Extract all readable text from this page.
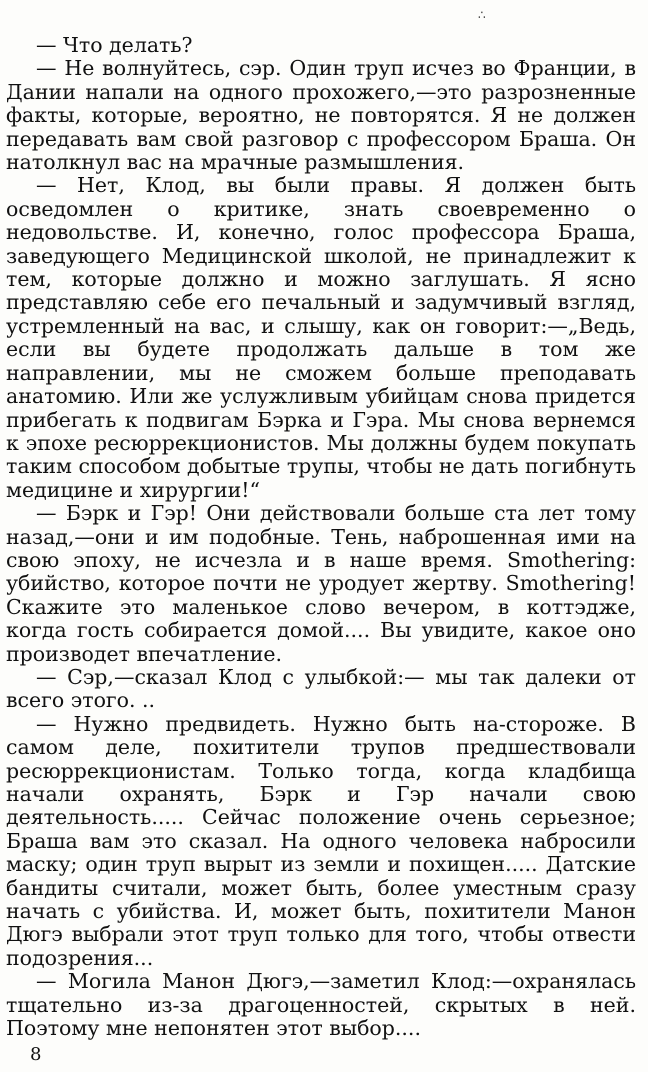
∴

— Что делать?

— Не волнуйтесь, сэр. Один труп исчез во Франции, в Дании напали на одного прохожего,—это разрозненные факты, которые, вероятно, не повторятся. Я не должен передавать вам свой разговор с профессором Браша. Он натолкнул вас на мрачные размышления.

— Нет, Клод, вы были правы. Я должен быть осведомлен о критике, знать своевременно о недовольстве. И, конечно, голос профессора Браша, заведующего Медицинской школой, не принадлежит к тем, которые должно и можно заглушать. Я ясно представляю себе его печальный и задумчивый взгляд, устремленный на вас, и слышу, как он говорит:—„Ведь, если вы будете продолжать дальше в том же направлении, мы не сможем больше преподавать анатомию. Или же услужливым убийцам снова придется прибегать к подвигам Бэрка и Гэра. Мы снова вернемся к эпохе ресюррекционистов. Мы должны будем покупать таким способом добытые трупы, чтобы не дать погибнуть медицине и хирургии!“

— Бэрк и Гэр! Они действовали больше ста лет тому назад,—они и им подобные. Тень, наброшенная ими на свою эпоху, не исчезла и в наше время. Smothering: убийство, которое почти не уродует жертву. Smothering! Скажите это маленькое слово вечером, в коттэдже, когда гость собирается домой.... Вы увидите, какое оно производет впечатление.

— Сэр,—сказал Клод с улыбкой:— мы так далеки от всего этого. ..

— Нужно предвидеть. Нужно быть на-стороже. В самом деле, похитители трупов предшествовали ресюррекционистам. Только тогда, когда кладбища начали охранять, Бэрк и Гэр начали свою деятельность..... Сейчас положение очень серьезное; Браша вам это сказал. На одного человека набросили маску; один труп вырыт из земли и похищен..... Датские бандиты считали, может быть, более уместным сразу начать с убийства. И, может быть, похитители Манон Дюгэ выбрали этот труп только для того, чтобы отвести подозрения...

— Могила Манон Дюгэ,—заметил Клод:—охранялась тщательно из-за драгоценностей, скрытых в ней. Поэтому мне непонятен этот выбор....

8
